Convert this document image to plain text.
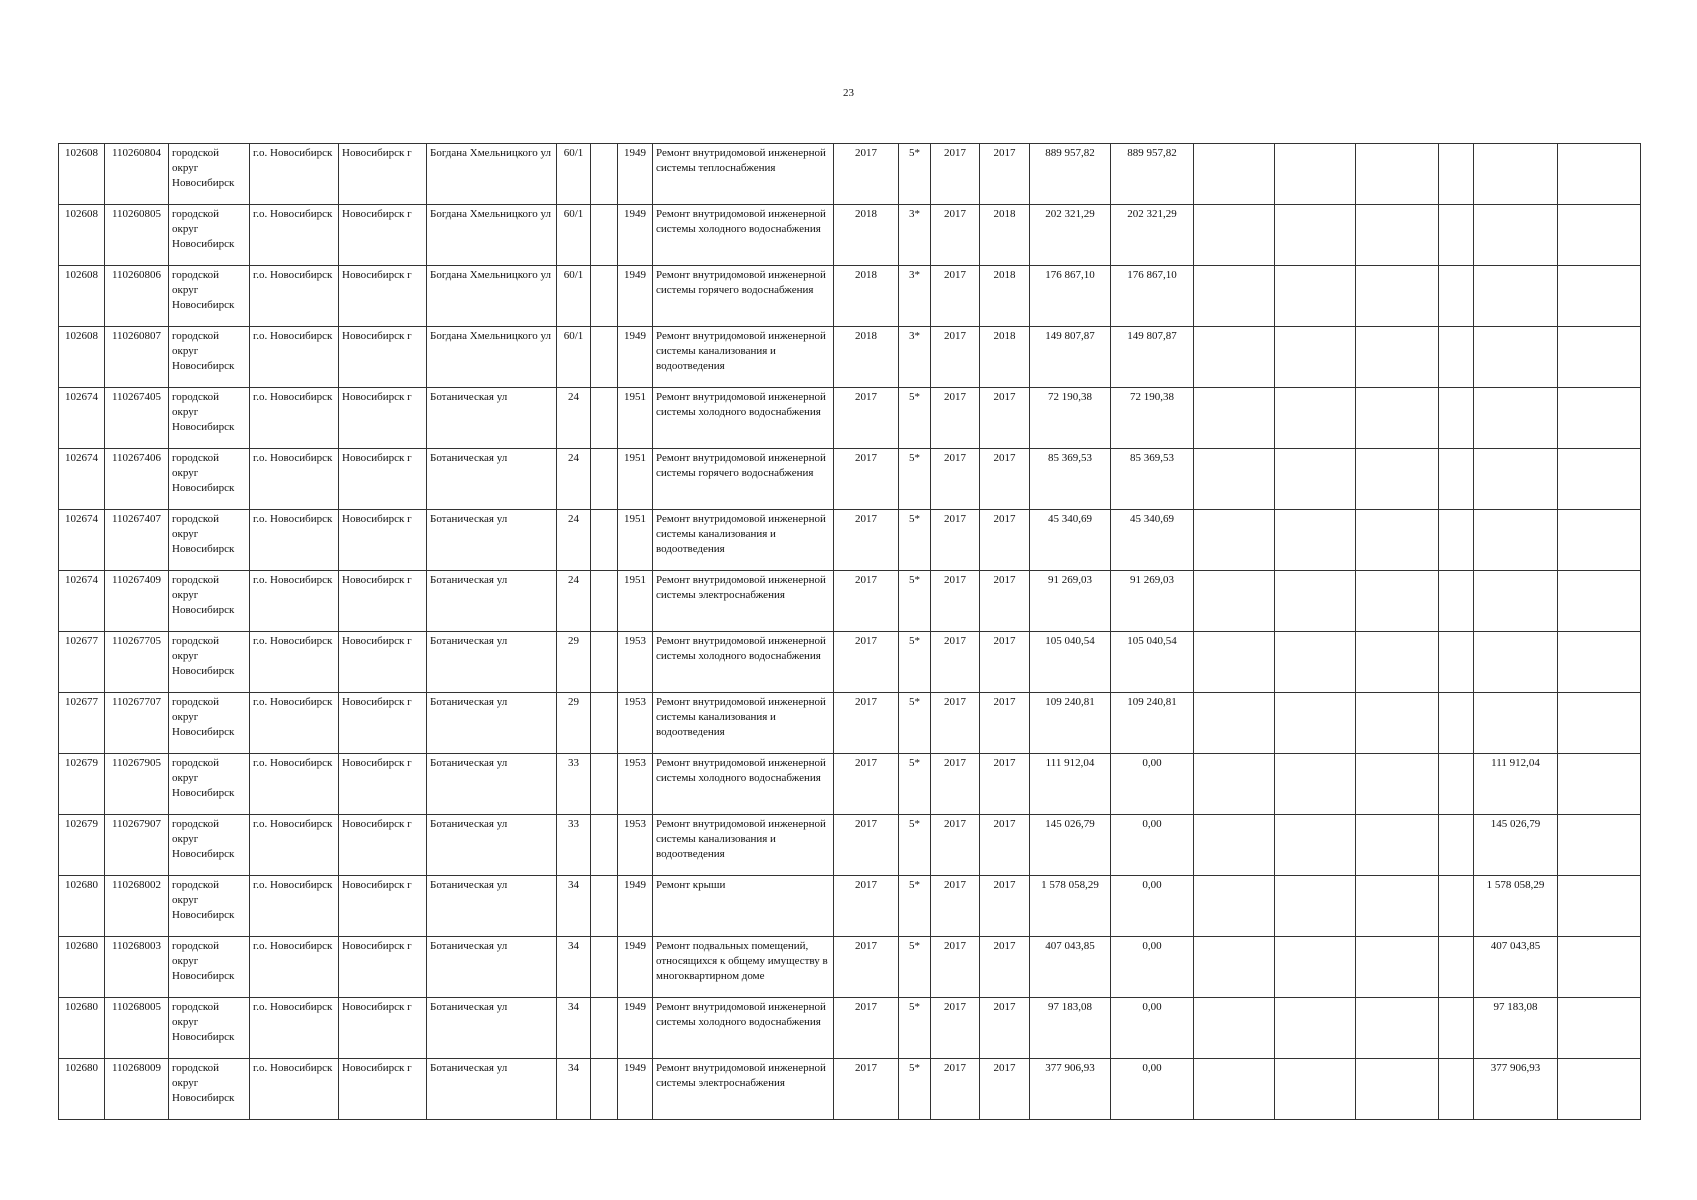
23
102608	110260804	городской округ Новосибирск	г.о. Новосибирск	Новосибирск г	Богдана Хмельницкого ул	60/1		1949	Ремонт внутридомовой инженерной системы теплоснабжения	2017	5*	2017	2017	889 957,82	889 957,82						
102608	110260805	городской округ Новосибирск	г.о. Новосибирск	Новосибирск г	Богдана Хмельницкого ул	60/1		1949	Ремонт внутридомовой инженерной системы холодного водоснабжения	2018	3*	2017	2018	202 321,29	202 321,29						
102608	110260806	городской округ Новосибирск	г.о. Новосибирск	Новосибирск г	Богдана Хмельницкого ул	60/1		1949	Ремонт внутридомовой инженерной системы горячего водоснабжения	2018	3*	2017	2018	176 867,10	176 867,10						
102608	110260807	городской округ Новосибирск	г.о. Новосибирск	Новосибирск г	Богдана Хмельницкого ул	60/1		1949	Ремонт внутридомовой инженерной системы канализования и водоотведения	2018	3*	2017	2018	149 807,87	149 807,87						
102674	110267405	городской округ Новосибирск	г.о. Новосибирск	Новосибирск г	Ботаническая ул	24		1951	Ремонт внутридомовой инженерной системы холодного водоснабжения	2017	5*	2017	2017	72 190,38	72 190,38						
102674	110267406	городской округ Новосибирск	г.о. Новосибирск	Новосибирск г	Ботаническая ул	24		1951	Ремонт внутридомовой инженерной системы горячего водоснабжения	2017	5*	2017	2017	85 369,53	85 369,53						
102674	110267407	городской округ Новосибирск	г.о. Новосибирск	Новосибирск г	Ботаническая ул	24		1951	Ремонт внутридомовой инженерной системы канализования и водоотведения	2017	5*	2017	2017	45 340,69	45 340,69						
102674	110267409	городской округ Новосибирск	г.о. Новосибирск	Новосибирск г	Ботаническая ул	24		1951	Ремонт внутридомовой инженерной системы электроснабжения	2017	5*	2017	2017	91 269,03	91 269,03						
102677	110267705	городской округ Новосибирск	г.о. Новосибирск	Новосибирск г	Ботаническая ул	29		1953	Ремонт внутридомовой инженерной системы холодного водоснабжения	2017	5*	2017	2017	105 040,54	105 040,54						
102677	110267707	городской округ Новосибирск	г.о. Новосибирск	Новосибирск г	Ботаническая ул	29		1953	Ремонт внутридомовой инженерной системы канализования и водоотведения	2017	5*	2017	2017	109 240,81	109 240,81						
102679	110267905	городской округ Новосибирск	г.о. Новосибирск	Новосибирск г	Ботаническая ул	33		1953	Ремонт внутридомовой инженерной системы холодного водоснабжения	2017	5*	2017	2017	111 912,04	0,00					111 912,04	
102679	110267907	городской округ Новосибирск	г.о. Новосибирск	Новосибирск г	Ботаническая ул	33		1953	Ремонт внутридомовой инженерной системы канализования и водоотведения	2017	5*	2017	2017	145 026,79	0,00					145 026,79	
102680	110268002	городской округ Новосибирск	г.о. Новосибирск	Новосибирск г	Ботаническая ул	34		1949	Ремонт крыши	2017	5*	2017	2017	1 578 058,29	0,00					1 578 058,29	
102680	110268003	городской округ Новосибирск	г.о. Новосибирск	Новосибирск г	Ботаническая ул	34		1949	Ремонт подвальных помещений, относящихся к общему имуществу в многоквартирном доме	2017	5*	2017	2017	407 043,85	0,00					407 043,85	
102680	110268005	городской округ Новосибирск	г.о. Новосибирск	Новосибирск г	Ботаническая ул	34		1949	Ремонт внутридомовой инженерной системы холодного водоснабжения	2017	5*	2017	2017	97 183,08	0,00					97 183,08	
102680	110268009	городской округ Новосибирск	г.о. Новосибирск	Новосибирск г	Ботаническая ул	34		1949	Ремонт внутридомовой инженерной системы электроснабжения	2017	5*	2017	2017	377 906,93	0,00					377 906,93	
